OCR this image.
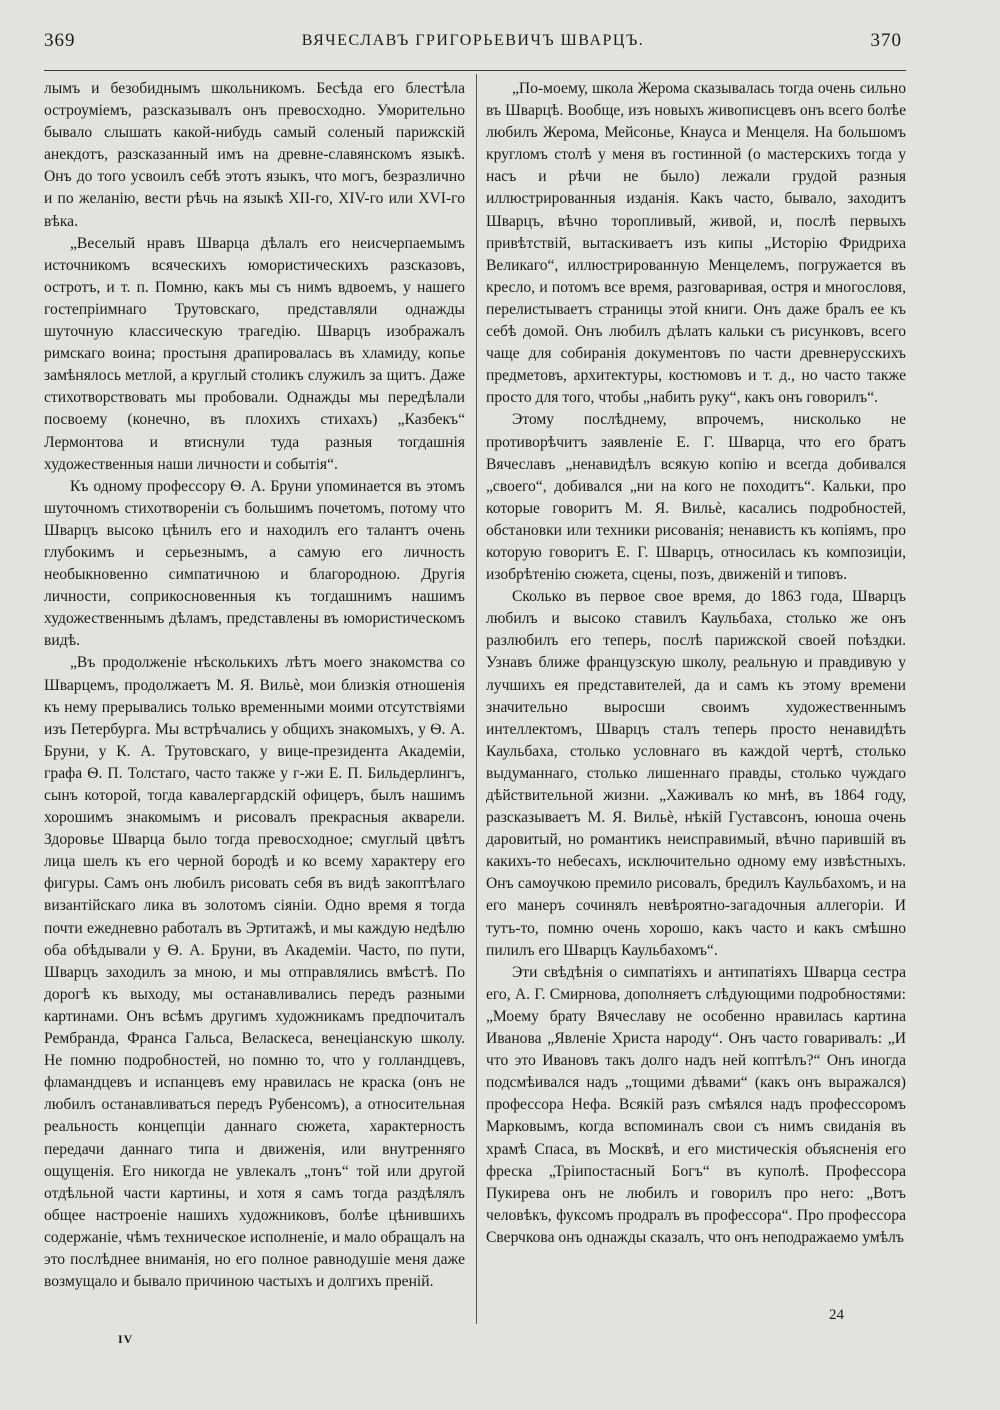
369	ВЯЧЕСЛАВЪ ГРИГОРЬЕВИЧЪ ШВАРЦЪ.	370

лымъ и безобиднымъ школьникомъ. Бесѣда его блестѣла остроуміемъ, разсказывалъ онъ превосходно. Уморительно бывало слышать какой-нибудь самый соленый парижскій анекдотъ, разсказанный имъ на древне-славянскомъ языкѣ. Онъ до того усвоилъ себѣ этотъ языкъ, что могъ, безразлично и по желанію, вести рѣчь на языкѣ XII-го, XIV-го или XVI-го вѣка.

„Веселый нравъ Шварца дѣлалъ его неисчерпаемымъ источникомъ всяческихъ юмористическихъ разсказовъ, остротъ, и т. п. Помню, какъ мы съ нимъ вдвоемъ, у нашего гостепріимнаго Трутовскаго, представляли однажды шуточную классическую трагедію. Шварцъ изображалъ римскаго воина; простыня драпировалась въ хламиду, копье замѣнялось метлой, а круглый столикъ служилъ за щитъ. Даже стихотворствовать мы пробовали. Однажды мы передѣлали посвоему (конечно, въ плохихъ стихахъ) „Казбекъ“ Лермонтова и втиснули туда разныя тогдашнія художественныя наши личности и событія“.

Къ одному профессору Ѳ. А. Бруни упоминается въ этомъ шуточномъ стихотвореніи съ большимъ почетомъ, потому что Шварцъ высоко цѣнилъ его и находилъ его талантъ очень глубокимъ и серьезнымъ, а самую его личность необыкновенно симпатичною и благородною. Другія личности, соприкосновенныя къ тогдашнимъ нашимъ художественнымъ дѣламъ, представлены въ юмористическомъ видѣ.

„Въ продолженіе нѣсколькихъ лѣтъ моего знакомства со Шварцемъ, продолжаетъ М. Я. Вильѐ, мои близкія отношенія къ нему прерывались только временными моими отсутствіями изъ Петербурга. Мы встрѣчались у общихъ знакомыхъ, у Ѳ. А. Бруни, у К. А. Трутовскаго, у вице-президента Академіи, графа Ѳ. П. Толстаго, часто также у г-жи Е. П. Бильдерлингъ, сынъ которой, тогда кавалергардскій офицеръ, былъ нашимъ хорошимъ знакомымъ и рисовалъ прекрасныя акварели. Здоровье Шварца было тогда превосходное; смуглый цвѣтъ лица шелъ къ его черной бородѣ и ко всему характеру его фигуры. Самъ онъ любилъ рисовать себя въ видѣ закоптѣлаго византійскаго лика въ золотомъ сіяніи. Одно время я тогда почти ежедневно работалъ въ Эртитажѣ, и мы каждую недѣлю оба обѣдывали у Ѳ. А. Бруни, въ Академіи. Часто, по пути, Шварцъ заходилъ за мною, и мы отправлялись вмѣстѣ. По дорогѣ къ выходу, мы останавливались передъ разными картинами. Онъ всѣмъ другимъ художникамъ предпочиталъ Рембранда, Франса Гальса, Веласкеса, венеціанскую школу. Не помню подробностей, но помню то, что у голландцевъ, фламандцевъ и испанцевъ ему нравилась не краска (онъ не любилъ останавливаться передъ Рубенсомъ), а относительная реальность концепціи даннаго сюжета, характерность передачи даннаго типа и движенія, или внутренняго ощущенія. Его никогда не увлекалъ „тонъ“ той или другой отдѣльной части картины, и хотя я самъ тогда раздѣлялъ общее настроеніе нашихъ художниковъ, болѣе цѣнившихъ содержаніе, чѣмъ техническое исполненіе, и мало обращалъ на это послѣднее вниманія, но его полное равнодушіе меня даже возмущало и бывало причиною частыхъ и долгихъ преній.

„По-моему, школа Жерома сказывалась тогда очень сильно въ Шварцѣ. Вообще, изъ новыхъ живописцевъ онъ всего болѣе любилъ Жерома, Мейсонье, Кнауса и Менцеля. На большомъ кругломъ столѣ у меня въ гостинной (о мастерскихъ тогда у насъ и рѣчи не было) лежали грудой разныя иллюстрированныя изданія. Какъ часто, бывало, заходитъ Шварцъ, вѣчно торопливый, живой, и, послѣ первыхъ привѣтствій, вытаскиваетъ изъ кипы „Исторію Фридриха Великаго“, иллюстрированную Менцелемъ, погружается въ кресло, и потомъ все время, разговаривая, остря и многословя, перелистываетъ страницы этой книги. Онъ даже бралъ ее къ себѣ домой. Онъ любилъ дѣлать кальки съ рисунковъ, всего чаще для собиранія документовъ по части древнерусскихъ предметовъ, архитектуры, костюмовъ и т. д., но часто также просто для того, чтобы „набить руку“, какъ онъ говорилъ“.

Этому послѣднему, впрочемъ, нисколько не противорѣчитъ заявленіе Е. Г. Шварца, что его братъ Вячеславъ „ненавидѣлъ всякую копію и всегда добивался „своего“, добивался „ни на кого не походитъ“. Кальки, про которые говоритъ М. Я. Вильѐ, касались подробностей, обстановки или техники рисованія; ненависть къ копіямъ, про которую говоритъ Е. Г. Шварцъ, относилась къ композиціи, изобрѣтенію сюжета, сцены, позъ, движеній и типовъ.

Сколько въ первое свое время, до 1863 года, Шварцъ любилъ и высоко ставилъ Каульбаха, столько же онъ разлюбилъ его теперь, послѣ парижской своей поѣздки. Узнавъ ближе французскую школу, реальную и правдивую у лучшихъ ея представителей, да и самъ къ этому времени значительно выросши своимъ художественнымъ интеллектомъ, Шварцъ сталъ теперь просто ненавидѣть Каульбаха, столько условнаго въ каждой чертѣ, столько выдуманнаго, столько лишеннаго правды, столько чуждаго дѣйствительной жизни. „Хаживалъ ко мнѣ, въ 1864 году, разсказываетъ М. Я. Вильѐ, нѣкій Густавсонъ, юноша очень даровитый, но романтикъ неисправимый, вѣчно парившій въ какихъ-то небесахъ, исключительно одному ему извѣстныхъ. Онъ самоучкою премило рисовалъ, бредилъ Каульбахомъ, и на его манеръ сочинялъ невѣроятно-загадочныя аллегоріи. И тутъ-то, помню очень хорошо, какъ часто и какъ смѣшно пилилъ его Шварцъ Каульбахомъ“.

Эти свѣдѣнія о симпатіяхъ и антипатіяхъ Шварца сестра его, А. Г. Смирнова, дополняетъ слѣдующими подробностями: „Моему брату Вячеславу не особенно нравилась картина Иванова „Явленіе Христа народу“. Онъ часто говаривалъ: „И что это Ивановъ такъ долго надъ ней коптѣлъ?“ Онъ иногда подсмѣивался надъ „тощими дѣвами“ (какъ онъ выражался) профессора Нефа. Всякій разъ смѣялся надъ профессоромъ Марковымъ, когда вспоминалъ свои съ нимъ свиданія въ храмѣ Спаса, въ Москвѣ, и его мистическія объясненія его фреска „Тріипостасный Богъ“ въ куполѣ. Профессора Пукирева онъ не любилъ и говорилъ про него: „Вотъ человѣкъ, фуксомъ продралъ въ профессора“. Про профессора Сверчкова онъ однажды сказалъ, что онъ неподражаемо умѣлъ

IV
24
